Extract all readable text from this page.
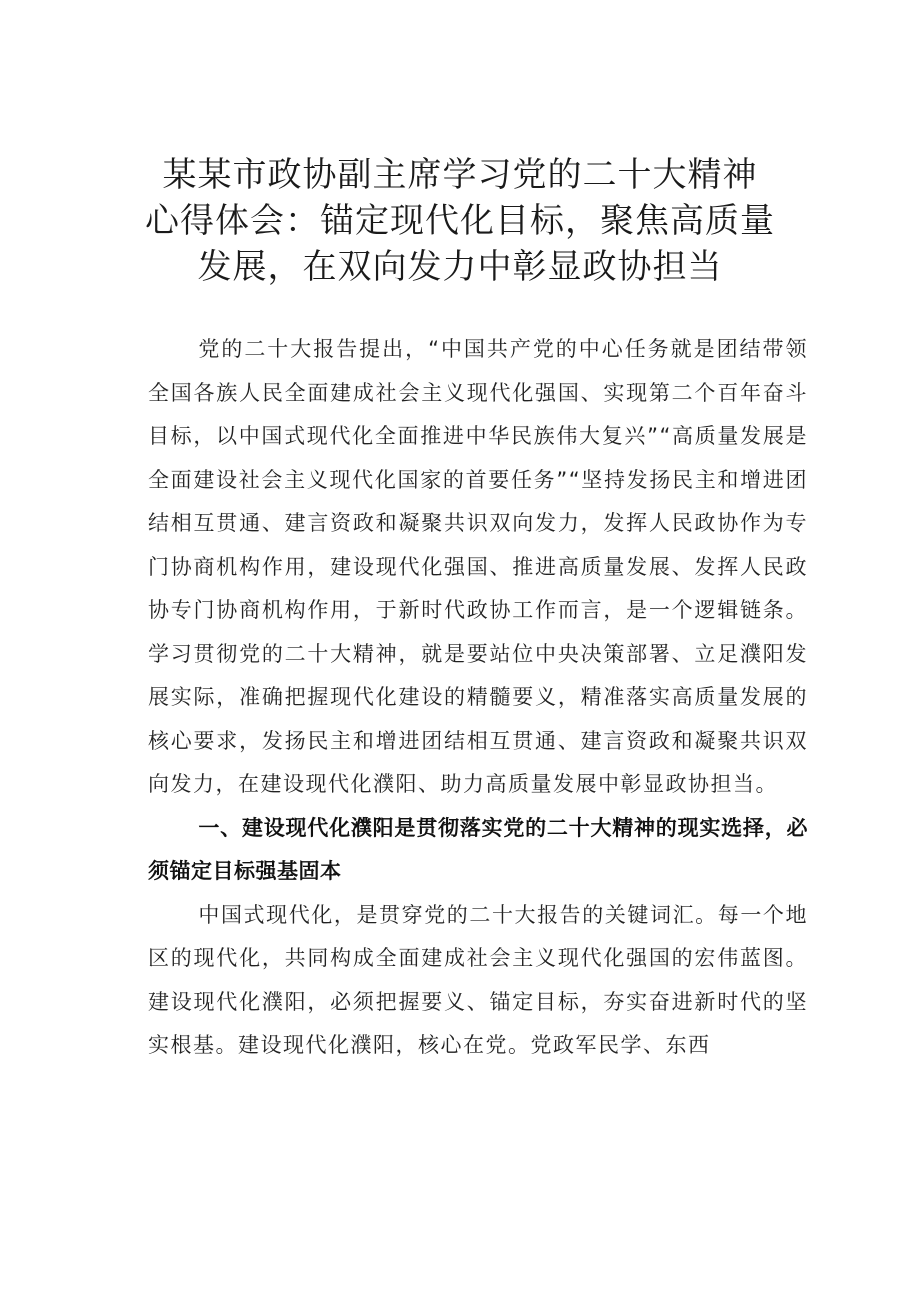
某某市政协副主席学习党的二十大精神
心得体会：锚定现代化目标，聚焦高质量
发展，在双向发力中彰显政协担当

党的二十大报告提出，“中国共产党的中心任务就是团结带领全国各族人民全面建成社会主义现代化强国、实现第二个百年奋斗目标，以中国式现代化全面推进中华民族伟大复兴”“高质量发展是全面建设社会主义现代化国家的首要任务”“坚持发扬民主和增进团结相互贯通、建言资政和凝聚共识双向发力，发挥人民政协作为专门协商机构作用，建设现代化强国、推进高质量发展、发挥人民政协专门协商机构作用，于新时代政协工作而言，是一个逻辑链条。学习贯彻党的二十大精神，就是要站位中央决策部署、立足濮阳发展实际，准确把握现代化建设的精髓要义，精准落实高质量发展的核心要求，发扬民主和增进团结相互贯通、建言资政和凝聚共识双向发力，在建设现代化濮阳、助力高质量发展中彰显政协担当。

一、建设现代化濮阳是贯彻落实党的二十大精神的现实选择，必须锚定目标强基固本

中国式现代化，是贯穿党的二十大报告的关键词汇。每一个地区的现代化，共同构成全面建成社会主义现代化强国的宏伟蓝图。建设现代化濮阳，必须把握要义、锚定目标，夯实奋进新时代的坚实根基。建设现代化濮阳，核心在党。党政军民学、东西
